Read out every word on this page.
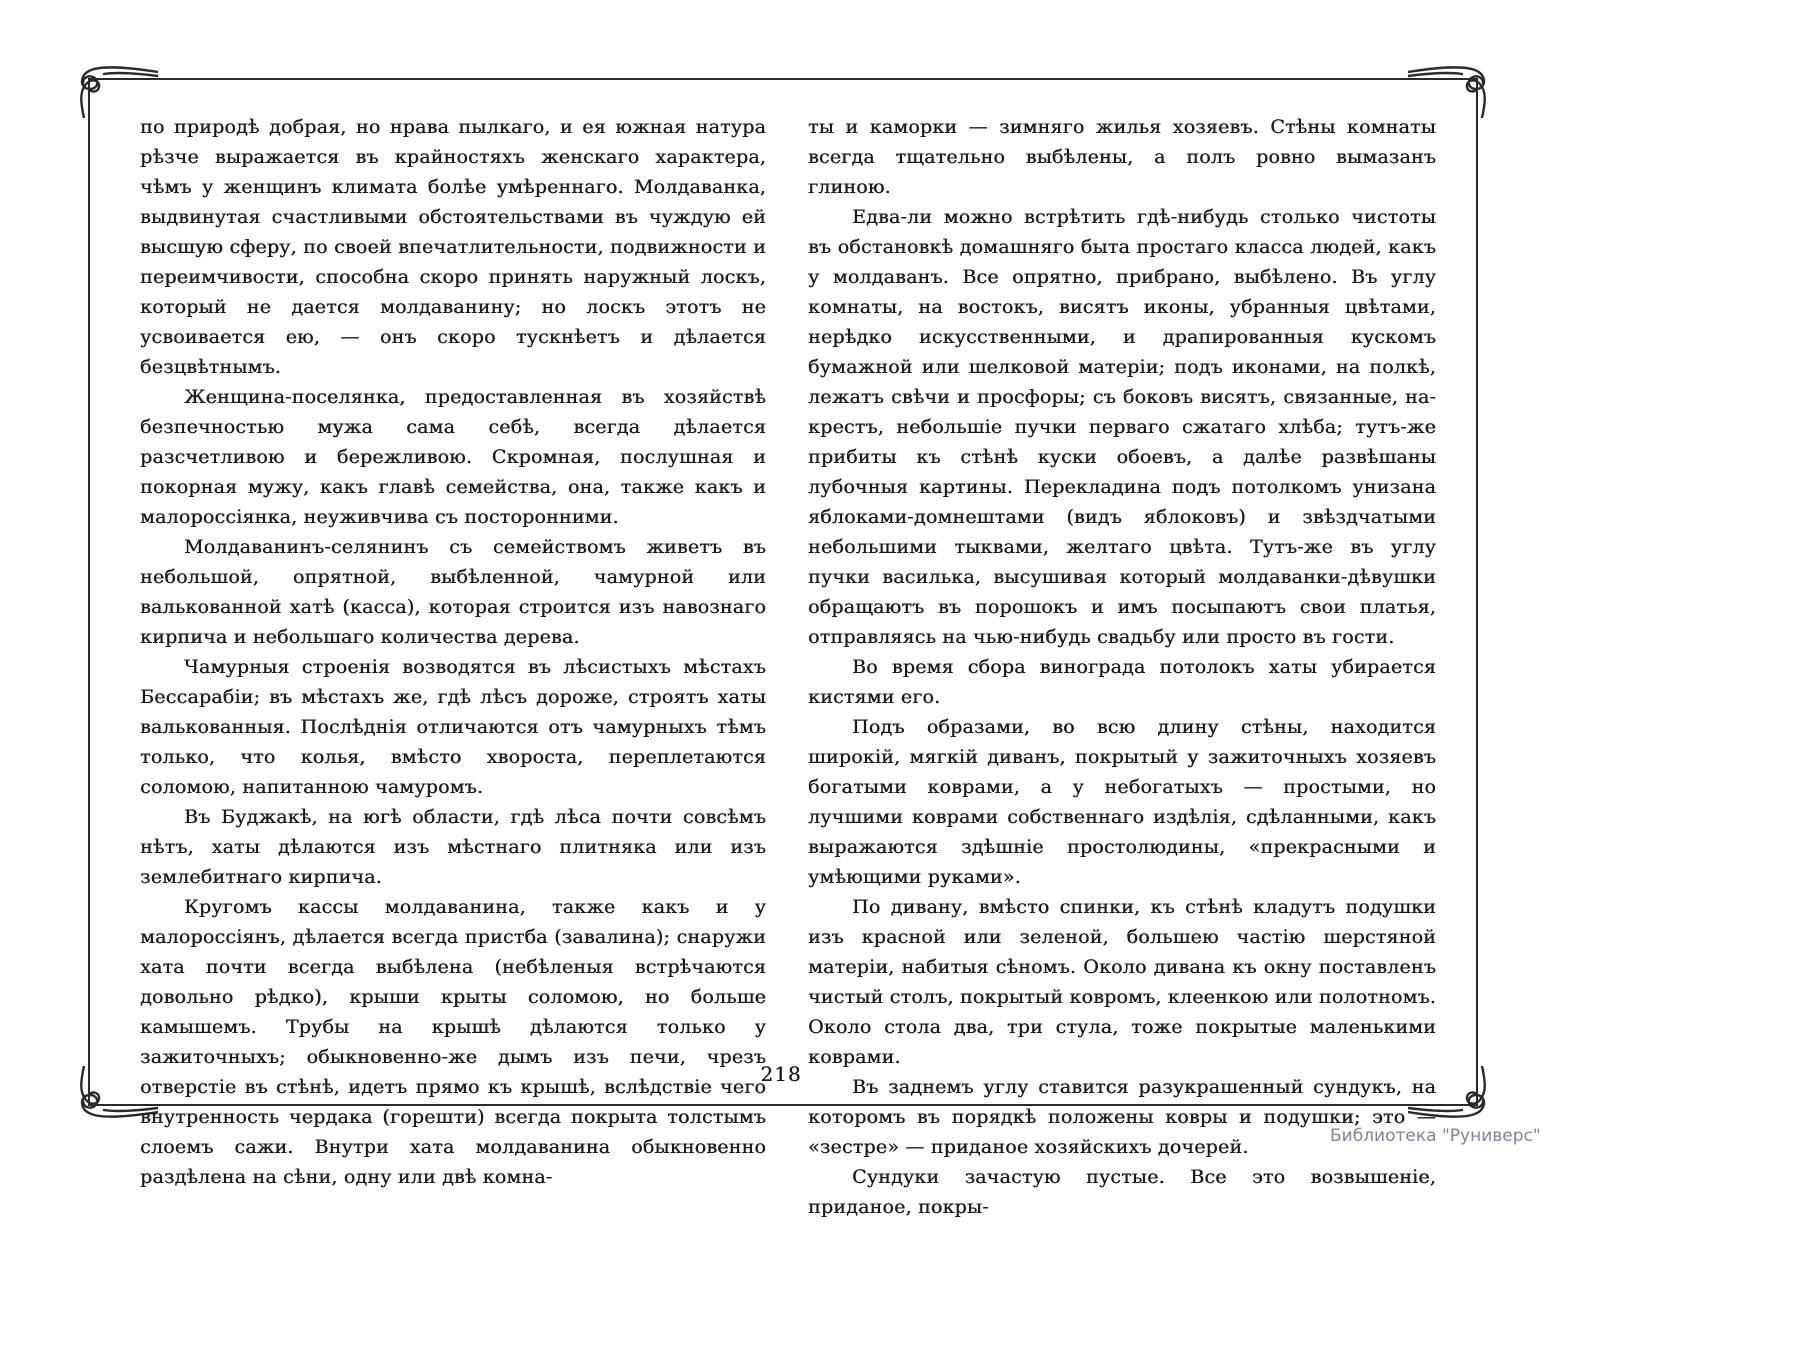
по природѣ добрая, но нрава пылкаго, и ея южная натура рѣзче выражается въ крайностяхъ женскаго характера, чѣмъ у женщинъ климата болѣе умѣреннаго. Молдаванка, выдвинутая счастливыми обстоятельствами въ чуждую ей высшую сферу, по своей впечатлительности, подвижности и переимчивости, способна скоро принять наружный лоскъ, который не дается молдаванину; но лоскъ этотъ не усвоивается ею, — онъ скоро тускнѣетъ и дѣлается безцвѣтнымъ.

Женщина-поселянка, предоставленная въ хозяйствѣ безпечностью мужа сама себѣ, всегда дѣлается разсчетливою и бережливою. Скромная, послушная и покорная мужу, какъ главѣ семейства, она, также какъ и малороссіянка, неуживчива съ посторонними.

Молдаванинъ-селянинъ съ семействомъ живетъ въ небольшой, опрятной, выбѣленной, чамурной или валькованной хатѣ (касса), которая строится изъ навознаго кирпича и небольшаго количества дерева.

Чамурныя строенія возводятся въ лѣсистыхъ мѣстахъ Бессарабіи; въ мѣстахъ же, гдѣ лѣсъ дороже, строятъ хаты валькованныя. Послѣднія отличаются отъ чамурныхъ тѣмъ только, что колья, вмѣсто хвороста, переплетаются соломою, напитанною чамуромъ.

Въ Буджакѣ, на югѣ области, гдѣ лѣса почти совсѣмъ нѣтъ, хаты дѣлаются изъ мѣстнаго плитняка или изъ землебитнаго кирпича.

Кругомъ кассы молдаванина, также какъ и у малороссіянъ, дѣлается всегда пристба (завалина); снаружи хата почти всегда выбѣлена (небѣленыя встрѣчаются довольно рѣдко), крыши крыты соломою, но больше камышемъ. Трубы на крышѣ дѣлаются только у зажиточныхъ; обыкновенно-же дымъ изъ печи, чрезъ отверстіе въ стѣнѣ, идетъ прямо къ крышѣ, вслѣдствіе чего внутренность чердака (горешти) всегда покрыта толстымъ слоемъ сажи. Внутри хата молдаванина обыкновенно раздѣлена на сѣни, одну или двѣ комна-

ты и каморки — зимняго жилья хозяевъ. Стѣны комнаты всегда тщательно выбѣлены, а полъ ровно вымазанъ глиною.

Едва-ли можно встрѣтить гдѣ-нибудь столько чистоты въ обстановкѣ домашняго быта простаго класса людей, какъ у молдаванъ. Все опрятно, прибрано, выбѣлено. Въ углу комнаты, на востокъ, висятъ иконы, убранныя цвѣтами, нерѣдко искусственными, и драпированныя кускомъ бумажной или шелковой матеріи; подъ иконами, на полкѣ, лежатъ свѣчи и просфоры; съ боковъ висятъ, связанные, на-крестъ, небольшіе пучки перваго сжатаго хлѣба; тутъ-же прибиты къ стѣнѣ куски обоевъ, а далѣе развѣшаны лубочныя картины. Перекладина подъ потолкомъ унизана яблоками-домнештами (видъ яблоковъ) и звѣздчатыми небольшими тыквами, желтаго цвѣта. Тутъ-же въ углу пучки василька, высушивая который молдаванки-дѣвушки обращаютъ въ порошокъ и имъ посыпаютъ свои платья, отправляясь на чью-нибудь свадьбу или просто въ гости.

Во время сбора винограда потолокъ хаты убирается кистями его.

Подъ образами, во всю длину стѣны, находится широкій, мягкій диванъ, покрытый у зажиточныхъ хозяевъ богатыми коврами, а у небогатыхъ — простыми, но лучшими коврами собственнаго издѣлія, сдѣланными, какъ выражаются здѣшніе простолюдины, «прекрасными и умѣющими руками».

По дивану, вмѣсто спинки, къ стѣнѣ кладутъ подушки изъ красной или зеленой, большею частію шерстяной матеріи, набитыя сѣномъ. Около дивана къ окну поставленъ чистый столъ, покрытый ковромъ, клеенкою или полотномъ. Около стола два, три стула, тоже покрытые маленькими коврами.

Въ заднемъ углу ставится разукрашенный сундукъ, на которомъ въ порядкѣ положены ковры и подушки; это — «зестре» — приданое хозяйскихъ дочерей.

Сундуки зачастую пустые. Все это возвышеніе, приданое, покры-

218
Библиотека "Руниверс"
